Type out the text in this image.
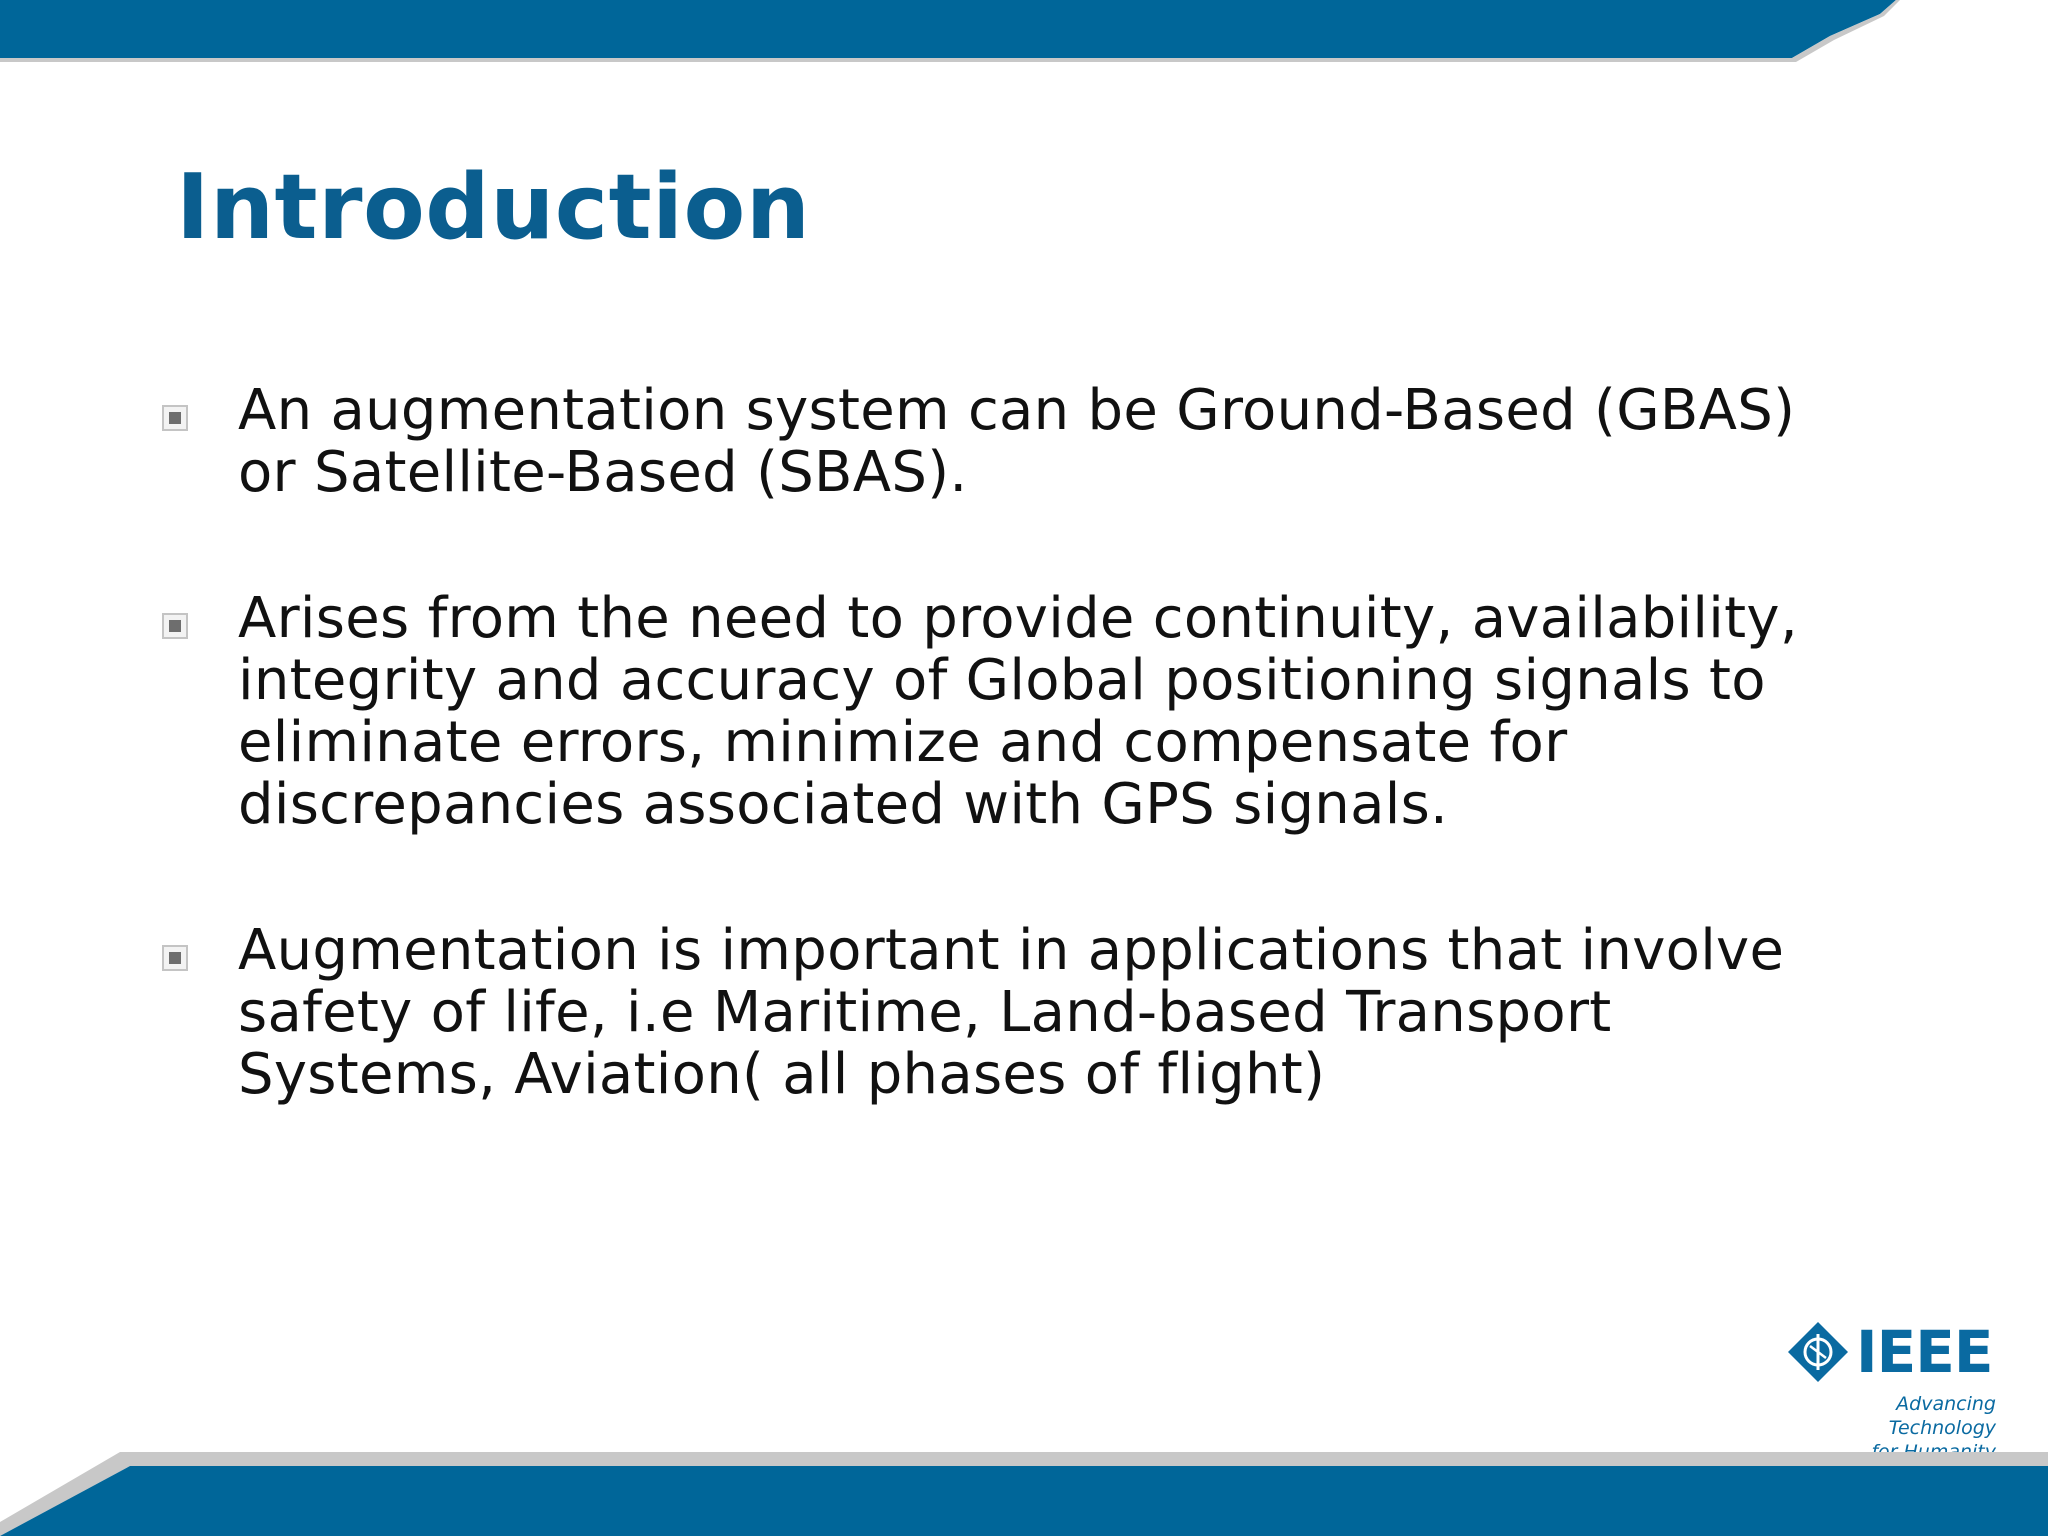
Introduction
An augmentation system can be Ground-Based (GBAS) or Satellite-Based (SBAS).
Arises from the need to provide continuity, availability, integrity and accuracy of Global positioning signals to eliminate errors, minimize and compensate for discrepancies associated with GPS signals.
Augmentation is important in applications that involve safety of life, i.e Maritime, Land-based Transport Systems, Aviation( all phases of flight)
IEEE
Advancing Technology
